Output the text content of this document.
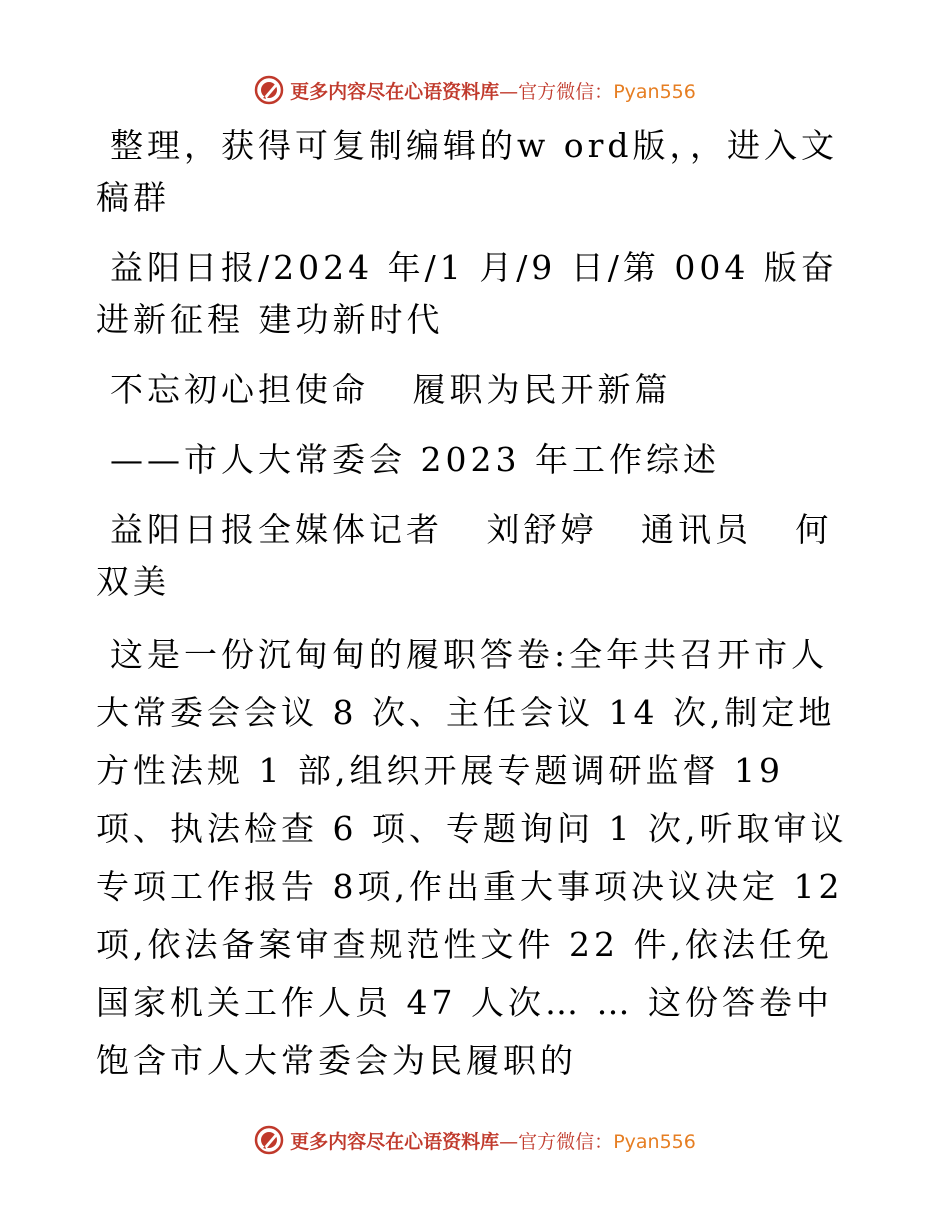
更多内容尽在心语资料库—官方微信：Pyan556

整理，获得可复制编辑的w ord版，，进入文稿群

益阳日报/2024 年/1 月/9 日/第 004 版奋进新征程 建功新时代

不忘初心担使命   履职为民开新篇

——市人大常委会 2023 年工作综述

益阳日报全媒体记者   刘舒婷   通讯员   何双美

这是一份沉甸甸的履职答卷:全年共召开市人大常委会会议 8 次、主任会议 14 次,制定地方性法规 1 部,组织开展专题调研监督 19 项、执法检查 6 项、专题询问 1 次,听取审议专项工作报告 8项,作出重大事项决议决定 12 项,依法备案审查规范性文件 22 件,依法任免国家机关工作人员 47 人次… … 这份答卷中饱含市人大常委会为民履职的

更多内容尽在心语资料库—官方微信：Pyan556
